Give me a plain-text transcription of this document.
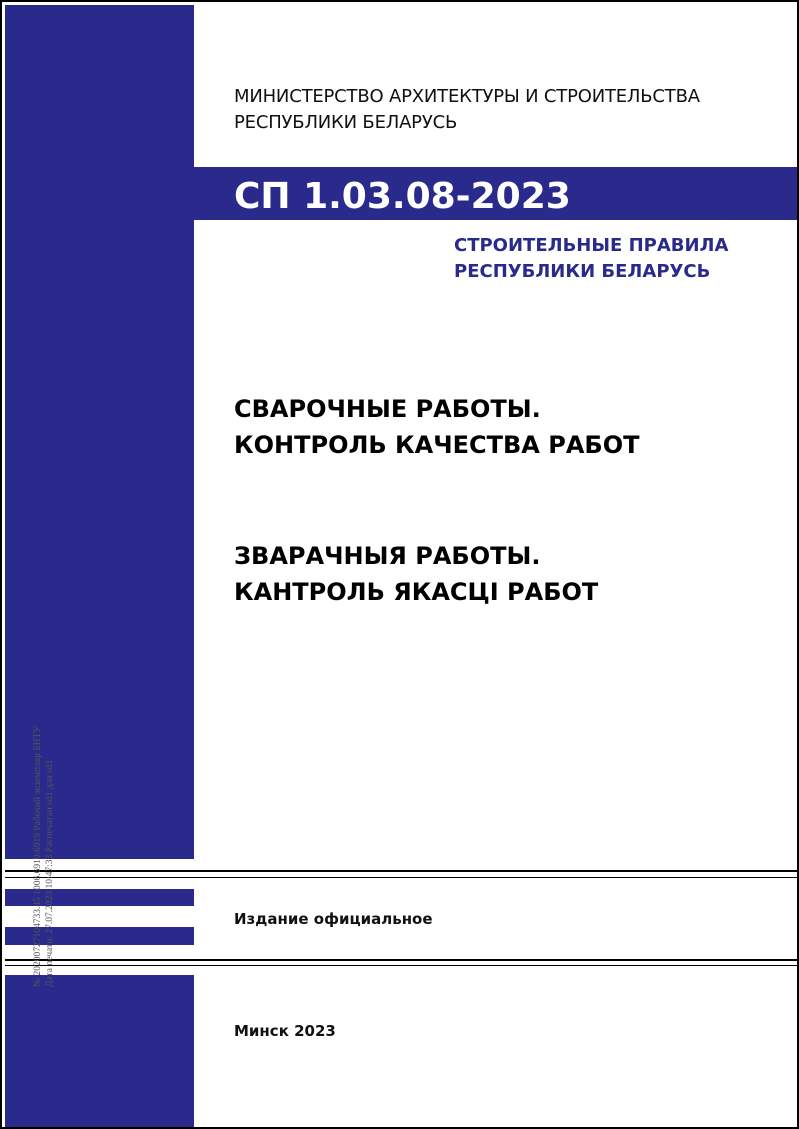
МИНИСТЕРСТВО АРХИТЕКТУРЫ И СТРОИТЕЛЬСТВА
РЕСПУБЛИКИ БЕЛАРУСЬ
СП 1.03.08-2023
СТРОИТЕЛЬНЫЕ ПРАВИЛА
РЕСПУБЛИКИ БЕЛАРУСЬ
СВАРОЧНЫЕ РАБОТЫ.
КОНТРОЛЬ КАЧЕСТВА РАБОТ
ЗВАРАЧНЫЯ РАБОТЫ.
КАНТРОЛЬ ЯКАСЦІ РАБОТ
Издание официальное
Минск 2023
№ 20200727104733.45 1006.6919.6919 Рабочий экземпляр БНТУ Дата печати: 27.07.2023 10:47:33 Распечатан sd1 для sd1
